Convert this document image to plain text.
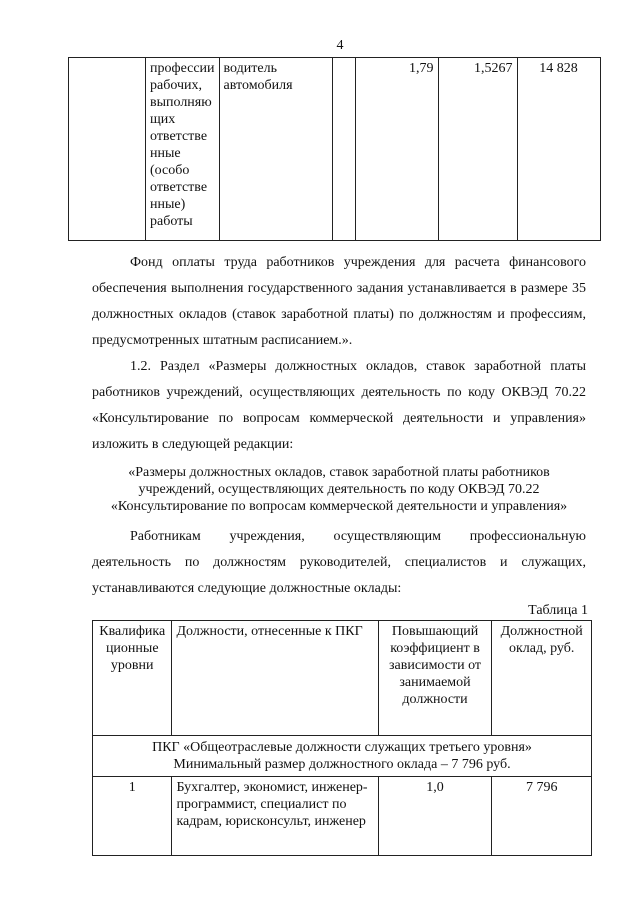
4
	профессии рабочих, выполняю щих ответстве нные (особо ответстве нные) работы	водитель автомобиля		1,79	1,5267	14 828
Фонд оплаты труда работников учреждения для расчета финансового обеспечения выполнения государственного задания устанавливается в размере 35 должностных окладов (ставок заработной платы) по должностям и профессиям, предусмотренных штатным расписанием.».
1.2. Раздел «Размеры должностных окладов, ставок заработной платы работников учреждений, осуществляющих деятельность по коду ОКВЭД 70.22 «Консультирование по вопросам коммерческой деятельности и управления» изложить в следующей редакции:
«Размеры должностных окладов, ставок заработной платы работников учреждений, осуществляющих деятельность по коду ОКВЭД 70.22 «Консультирование по вопросам коммерческой деятельности и управления»
Работникам учреждения, осуществляющим профессиональную деятельность по должностям руководителей, специалистов и служащих, устанавливаются следующие должностные оклады:
Таблица 1
Квалифика ционные уровни	Должности, отнесенные к ПКГ	Повышающий коэффициент в зависимости от занимаемой должности	Должностной оклад, руб.

ПКГ «Общеотраслевые должности служащих третьего уровня»
Минимальный размер должностного оклада – 7 796 руб.			

1	Бухгалтер, экономист, инженер-программист, специалист по кадрам, юрисконсульт, инженер	1,0	7 796
